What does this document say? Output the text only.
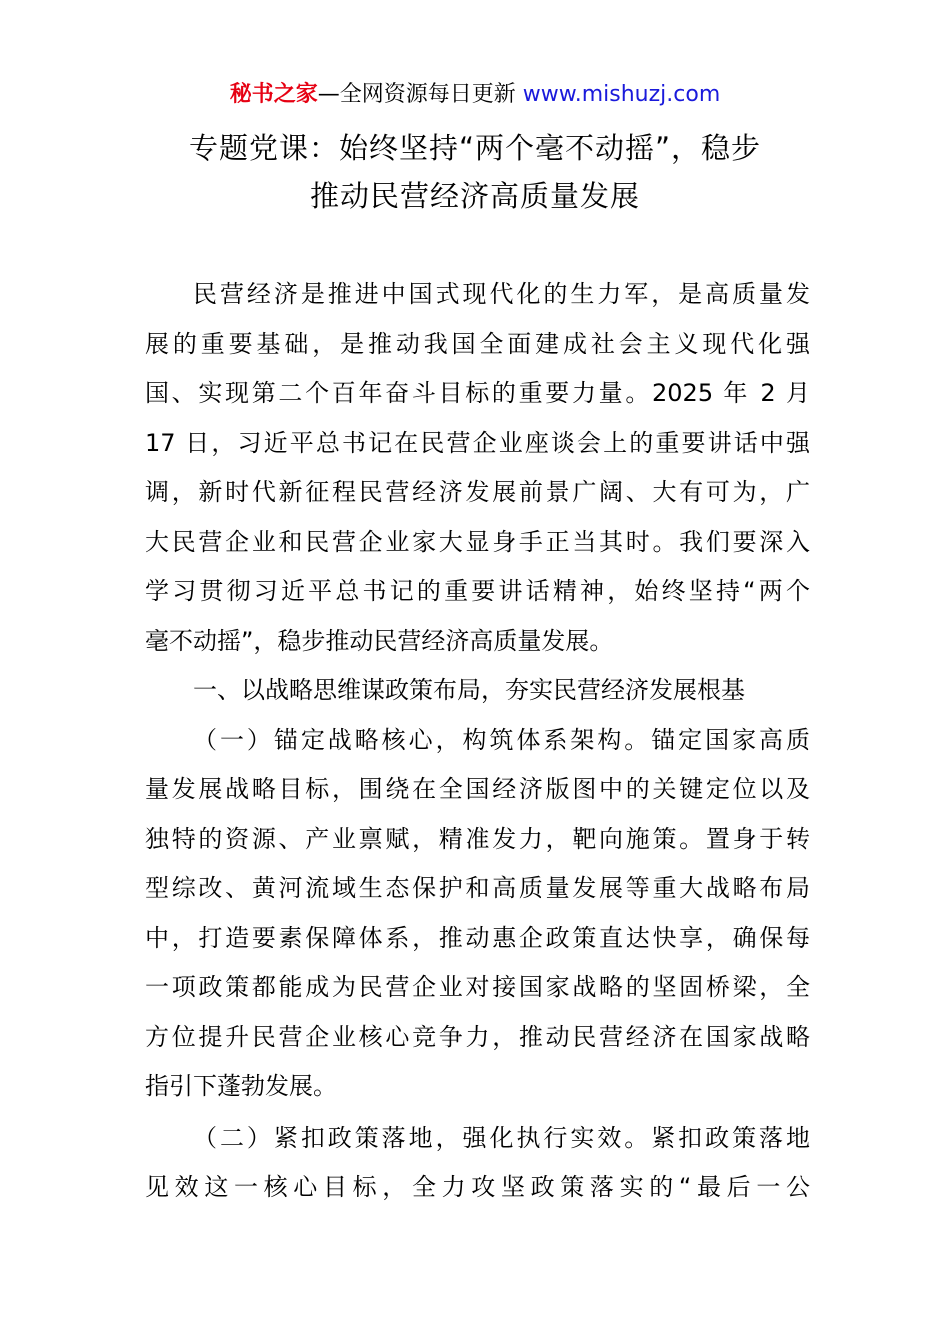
秘书之家—全网资源每日更新 www.mishuzj.com
专题党课：始终坚持“两个毫不动摇”，稳步
推动民营经济高质量发展
民营经济是推进中国式现代化的生力军，是高质量发
展的重要基础，是推动我国全面建成社会主义现代化强
国、实现第二个百年奋斗目标的重要力量。2025 年 2 月
17 日，习近平总书记在民营企业座谈会上的重要讲话中强
调，新时代新征程民营经济发展前景广阔、大有可为，广
大民营企业和民营企业家大显身手正当其时。我们要深入
学习贯彻习近平总书记的重要讲话精神，始终坚持“两个
毫不动摇”，稳步推动民营经济高质量发展。
一、以战略思维谋政策布局，夯实民营经济发展根基
（一）锚定战略核心，构筑体系架构。锚定国家高质
量发展战略目标，围绕在全国经济版图中的关键定位以及
独特的资源、产业禀赋，精准发力，靶向施策。置身于转
型综改、黄河流域生态保护和高质量发展等重大战略布局
中，打造要素保障体系，推动惠企政策直达快享，确保每
一项政策都能成为民营企业对接国家战略的坚固桥梁，全
方位提升民营企业核心竞争力，推动民营经济在国家战略
指引下蓬勃发展。
（二）紧扣政策落地，强化执行实效。紧扣政策落地
见效这一核心目标，全力攻坚政策落实的“最后一公
